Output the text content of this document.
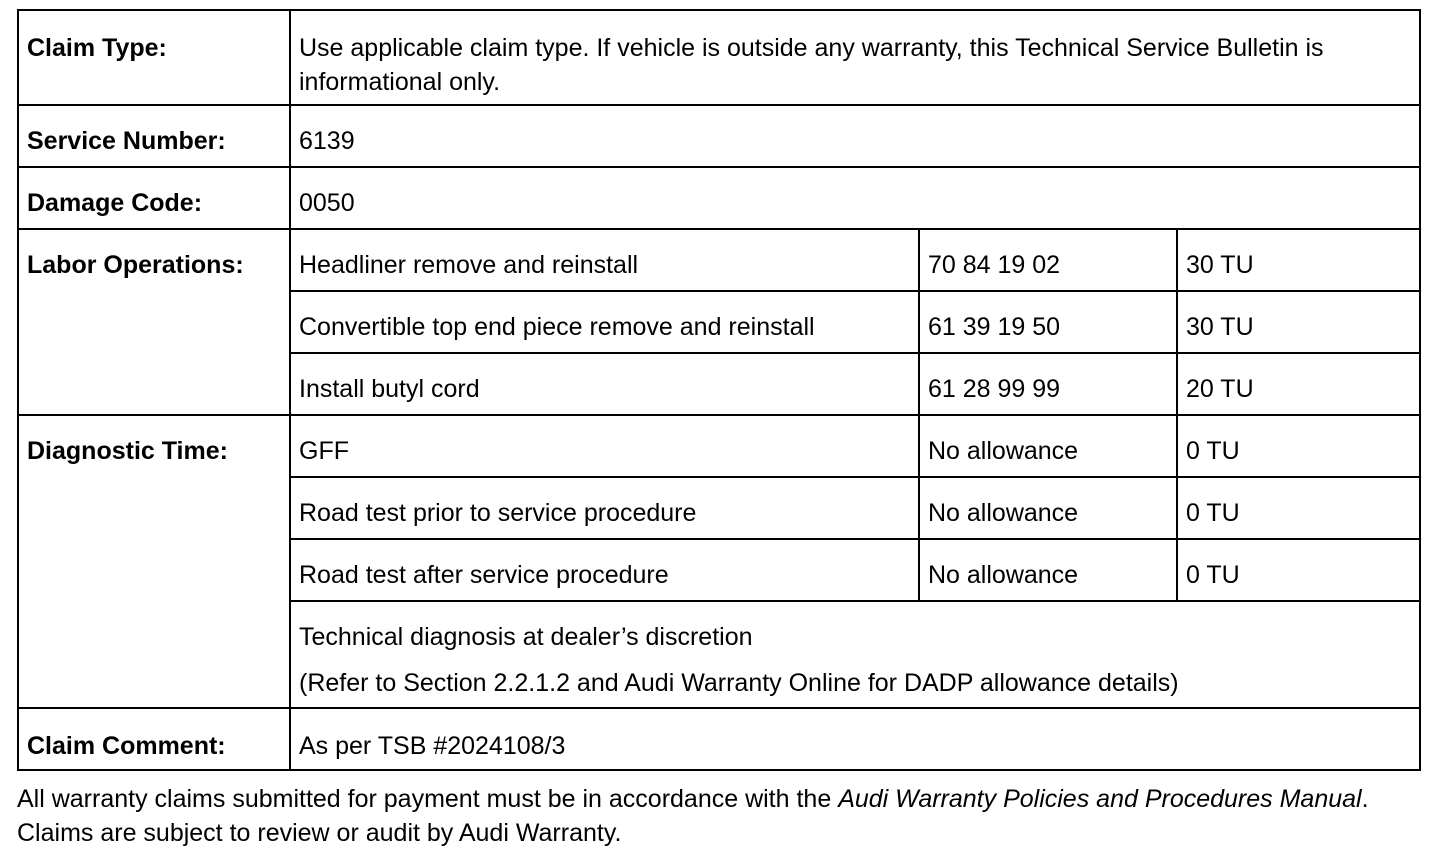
Claim Type:	Use applicable claim type. If vehicle is outside any warranty, this Technical Service Bulletin is informational only.		
Service Number:	6139		
Damage Code:	0050		
Labor Operations:	Headliner remove and reinstall	70 84 19 02	30 TU
	Convertible top end piece remove and reinstall	61 39 19 50	30 TU
	Install butyl cord	61 28 99 99	20 TU
Diagnostic Time:	GFF	No allowance	0 TU
	Road test prior to service procedure	No allowance	0 TU
	Road test after service procedure	No allowance	0 TU

	Technical diagnosis at dealer’s discretion
(Refer to Section 2.2.1.2 and Audi Warranty Online for DADP allowance details)		

Claim Comment:	As per TSB #2024108/3		

All warranty claims submitted for payment must be in accordance with the Audi Warranty Policies and Procedures Manual. Claims are subject to review or audit by Audi Warranty.
